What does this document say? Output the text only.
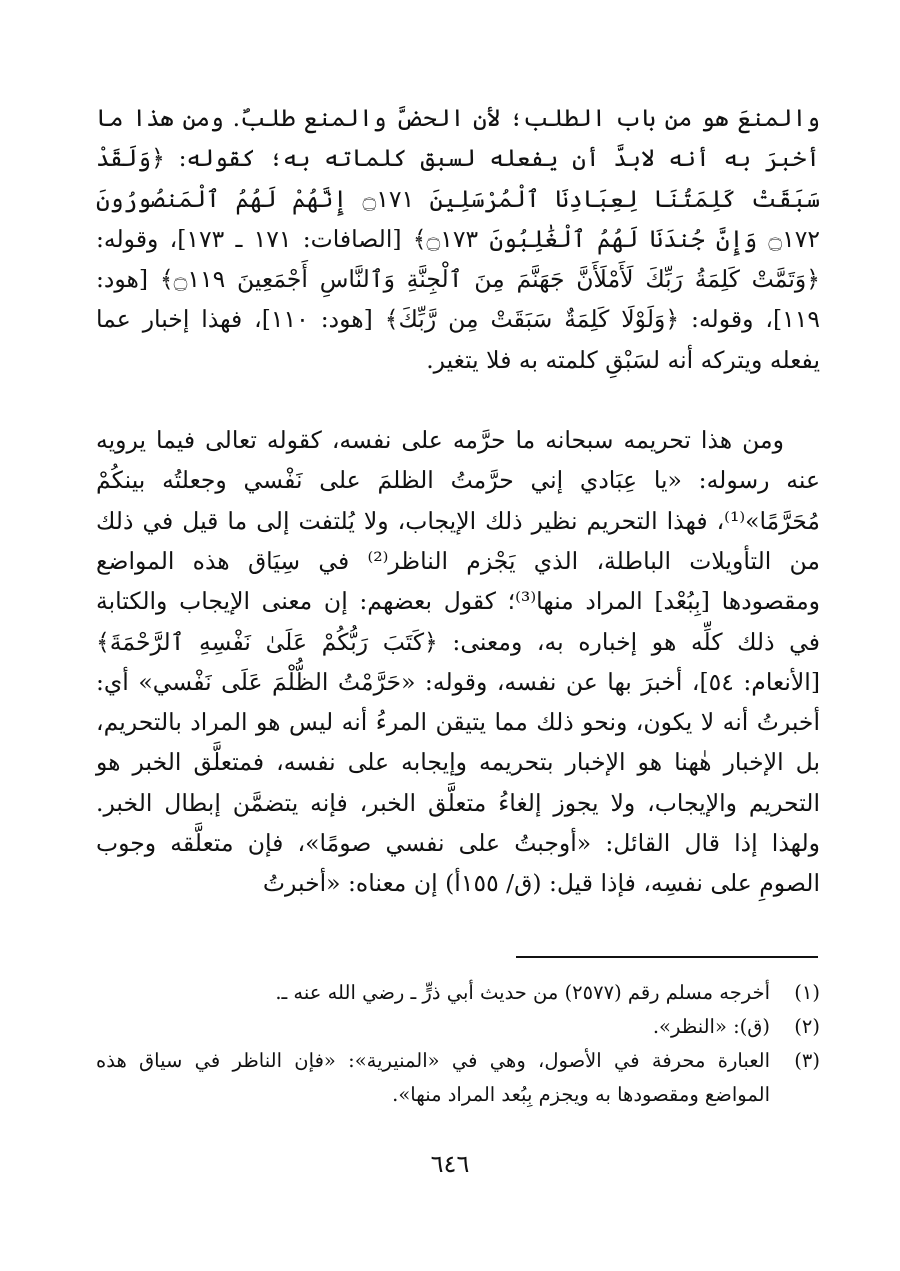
والمنعَ هو من باب الطلب؛ لأن الحضَّ والمنع طلبٌ. ومن هذا ما أخبرَ به أنه لابدَّ أن يفعله لسبق كلماته به؛ كقوله: ﴿وَلَقَدْ سَبَقَتْ كَلِمَتُنَا لِعِبَادِنَا ٱلْمُرْسَلِينَ ۝١٧١ إِنَّهُمْ لَهُمُ ٱلْمَنصُورُونَ ۝١٧٢ وَإِنَّ جُندَنَا لَهُمُ ٱلْغَٰلِبُونَ ۝١٧٣﴾ [الصافات: ١٧١ ـ ١٧٣]، وقوله: ﴿وَتَمَّتْ كَلِمَةُ رَبِّكَ لَأَمْلَأَنَّ جَهَنَّمَ مِنَ ٱلْجِنَّةِ وَٱلنَّاسِ أَجْمَعِينَ ۝١١٩﴾ [هود: ١١٩]، وقوله: ﴿وَلَوْلَا كَلِمَةٌ سَبَقَتْ مِن رَّبِّكَ﴾ [هود: ١١٠]، فهذا إخبار عما يفعله ويتركه أنه لسَبْقِ كلمته به فلا يتغير.

ومن هذا تحريمه سبحانه ما حرَّمه على نفسه، كقوله تعالى فيما يرويه عنه رسوله: «يا عِبَادي إني حرَّمتُ الظلمَ على نَفْسي وجعلتُه بينكُمْ مُحَرَّمًا»⁽¹⁾، فهذا التحريم نظير ذلك الإيجاب، ولا يُلتفت إلى ما قيل في ذلك من التأويلات الباطلة، الذي يَجْزم الناظر⁽²⁾ في سِيَاق هذه المواضع ومقصودها [بِبُعْد] المراد منها⁽³⁾؛ كقول بعضهم: إن معنى الإيجاب والكتابة في ذلك كلِّه هو إخباره به، ومعنى: ﴿كَتَبَ رَبُّكُمْ عَلَىٰ نَفْسِهِ ٱلرَّحْمَةَ﴾ [الأنعام: ٥٤]، أخبرَ بها عن نفسه، وقوله: «حَرَّمْتُ الظُّلْمَ عَلَى نَفْسي» أي: أخبرتُ أنه لا يكون، ونحو ذلك مما يتيقن المرءُ أنه ليس هو المراد بالتحريم، بل الإخبار هٰهنا هو الإخبار بتحريمه وإيجابه على نفسه، فمتعلَّق الخبر هو التحريم والإيجاب، ولا يجوز إلغاءُ متعلَّق الخبر، فإنه يتضمَّن إبطال الخبر. ولهذا إذا قال القائل: «أوجبتُ على نفسي صومًا»، فإن متعلَّقه وجوب الصومِ على نفسِه، فإذا قيل: (ق/ ١٥٥أ) إن معناه: «أخبرتُ

(١)
أخرجه مسلم رقم (٢٥٧٧) من حديث أبي ذرٍّ ـ رضي الله عنه ـ.
(٢)
(ق): «النظر».
(٣)
العبارة محرفة في الأصول، وهي في «المنيرية»: «فإن الناظر في سياق هذه المواضع ومقصودها به ويجزم بِبُعد المراد منها».
٦٤٦
